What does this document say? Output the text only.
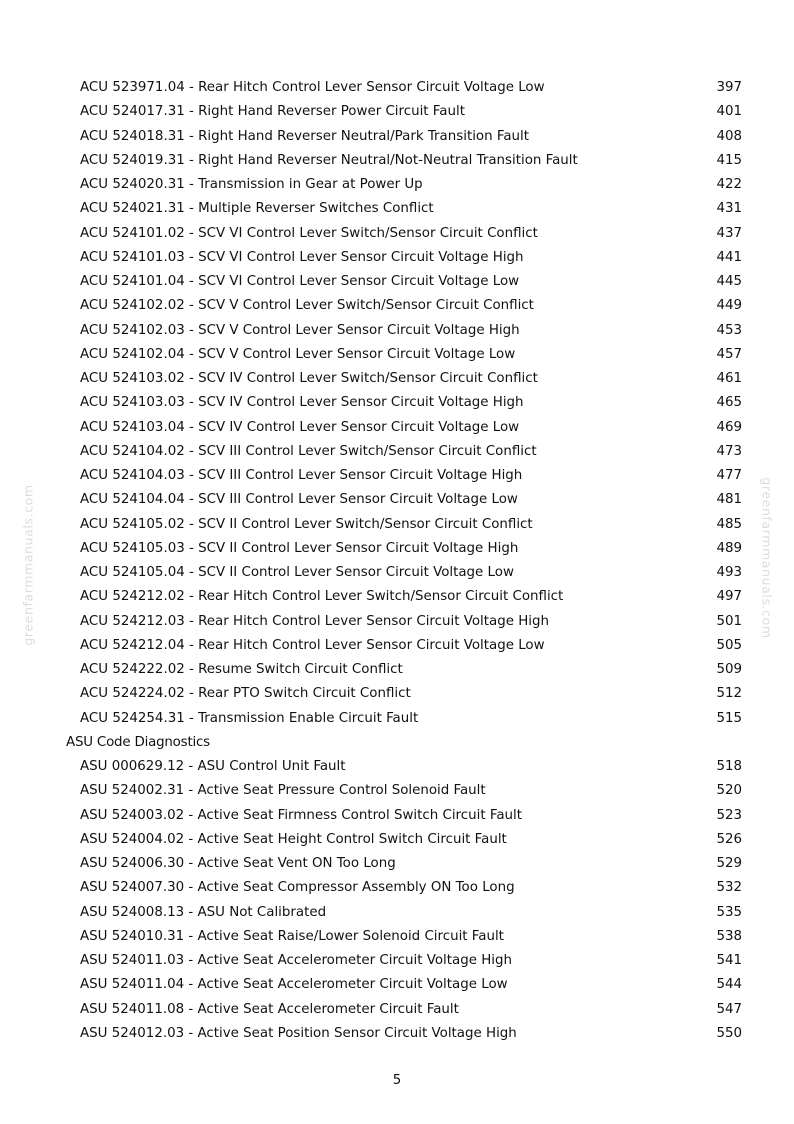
greenfarmmanuals.com	greenfarmmanuals.com
ACU 523971.04 - Rear Hitch Control Lever Sensor Circuit Voltage Low	397
ACU 524017.31 - Right Hand Reverser Power Circuit Fault	401
ACU 524018.31 - Right Hand Reverser Neutral/Park Transition Fault	408
ACU 524019.31 - Right Hand Reverser Neutral/Not-Neutral Transition Fault	415
ACU 524020.31 - Transmission in Gear at Power Up	422
ACU 524021.31 - Multiple Reverser Switches Conflict	431
ACU 524101.02 - SCV VI Control Lever Switch/Sensor Circuit Conflict	437
ACU 524101.03 - SCV VI Control Lever Sensor Circuit Voltage High	441
ACU 524101.04 - SCV VI Control Lever Sensor Circuit Voltage Low	445
ACU 524102.02 - SCV V Control Lever Switch/Sensor Circuit Conflict	449
ACU 524102.03 - SCV V Control Lever Sensor Circuit Voltage High	453
ACU 524102.04 - SCV V Control Lever Sensor Circuit Voltage Low	457
ACU 524103.02 - SCV IV Control Lever Switch/Sensor Circuit Conflict	461
ACU 524103.03 - SCV IV Control Lever Sensor Circuit Voltage High	465
ACU 524103.04 - SCV IV Control Lever Sensor Circuit Voltage Low	469
ACU 524104.02 - SCV III Control Lever Switch/Sensor Circuit Conflict	473
ACU 524104.03 - SCV III Control Lever Sensor Circuit Voltage High	477
ACU 524104.04 - SCV III Control Lever Sensor Circuit Voltage Low	481
ACU 524105.02 - SCV II Control Lever Switch/Sensor Circuit Conflict	485
ACU 524105.03 - SCV II Control Lever Sensor Circuit Voltage High	489
ACU 524105.04 - SCV II Control Lever Sensor Circuit Voltage Low	493
ACU 524212.02 - Rear Hitch Control Lever Switch/Sensor Circuit Conflict	497
ACU 524212.03 - Rear Hitch Control Lever Sensor Circuit Voltage High	501
ACU 524212.04 - Rear Hitch Control Lever Sensor Circuit Voltage Low	505
ACU 524222.02 - Resume Switch Circuit Conflict	509
ACU 524224.02 - Rear PTO Switch Circuit Conflict	512
ACU 524254.31 - Transmission Enable Circuit Fault	515
ASU Code Diagnostics
ASU 000629.12 - ASU Control Unit Fault	518
ASU 524002.31 - Active Seat Pressure Control Solenoid Fault	520
ASU 524003.02 - Active Seat Firmness Control Switch Circuit Fault	523
ASU 524004.02 - Active Seat Height Control Switch Circuit Fault	526
ASU 524006.30 - Active Seat Vent ON Too Long	529
ASU 524007.30 - Active Seat Compressor Assembly ON Too Long	532
ASU 524008.13 - ASU Not Calibrated	535
ASU 524010.31 - Active Seat Raise/Lower Solenoid Circuit Fault	538
ASU 524011.03 - Active Seat Accelerometer Circuit Voltage High	541
ASU 524011.04 - Active Seat Accelerometer Circuit Voltage Low	544
ASU 524011.08 - Active Seat Accelerometer Circuit Fault	547
ASU 524012.03 - Active Seat Position Sensor Circuit Voltage High	550
5
